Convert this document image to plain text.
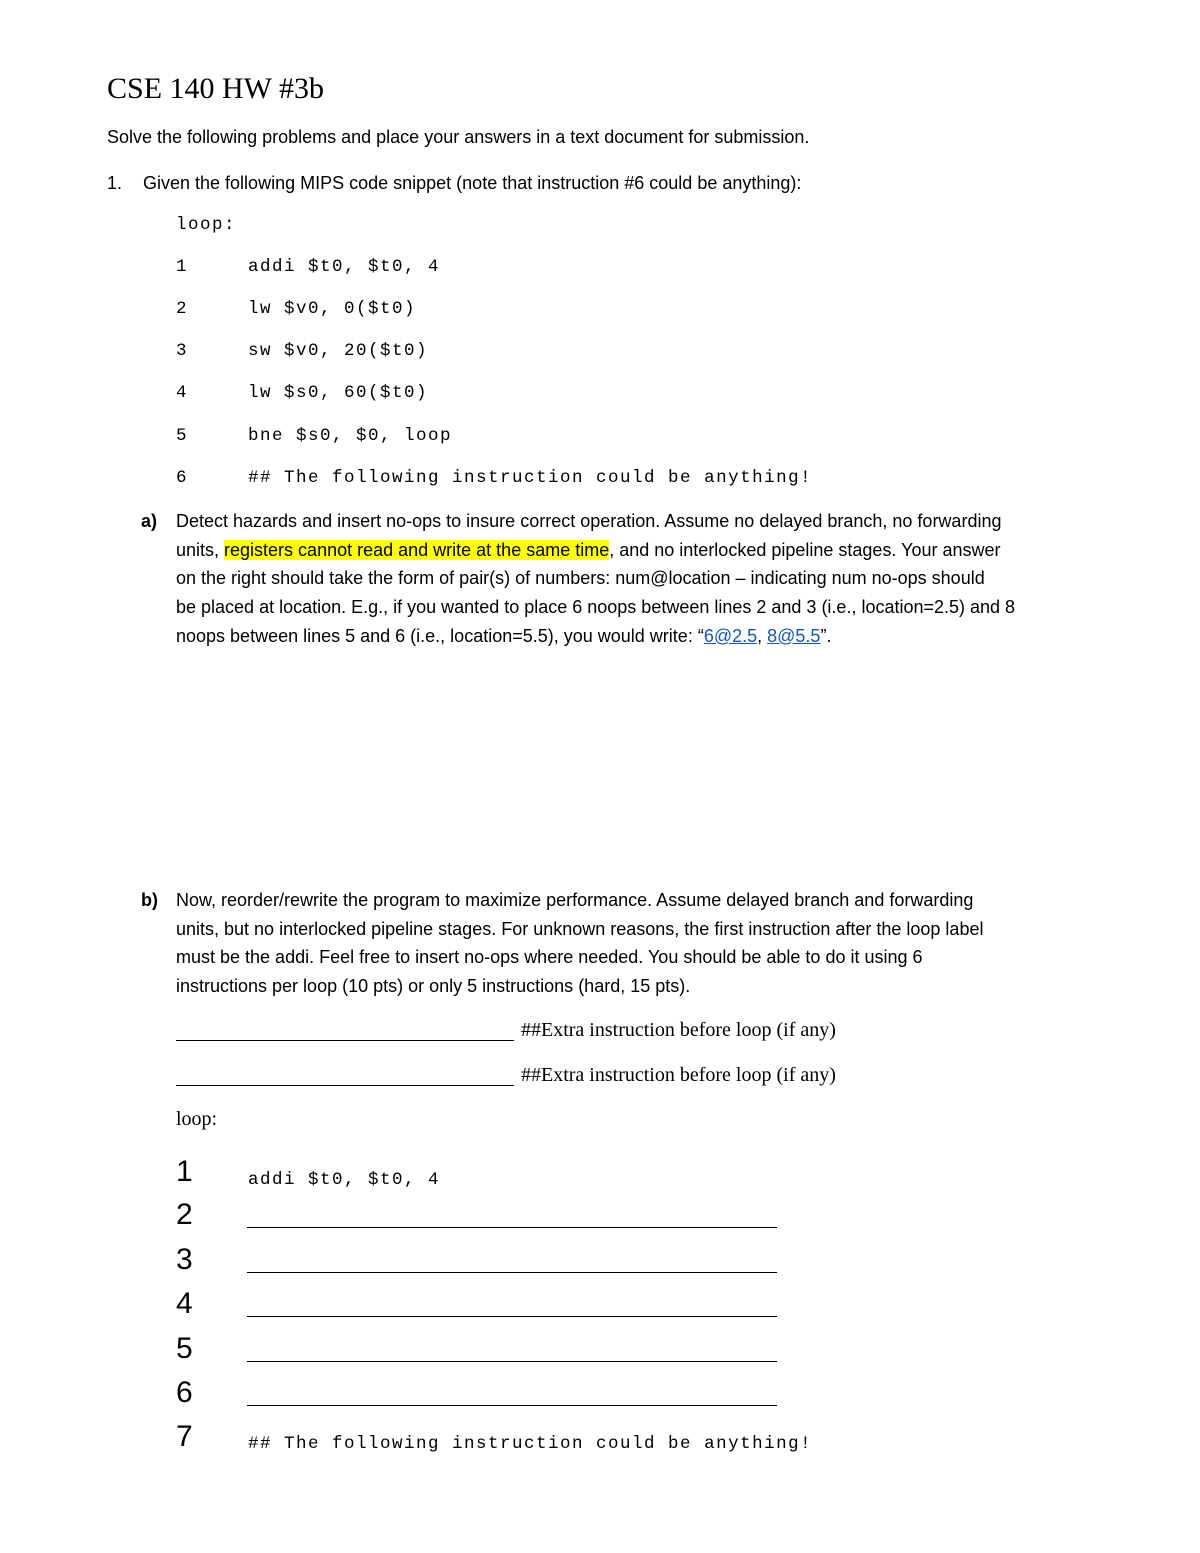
CSE 140 HW #3b
Solve the following problems and place your answers in a text document for submission.
1. Given the following MIPS code snippet (note that instruction #6 could be anything):
loop:
1	addi $t0, $t0, 4
2	lw $v0, 0($t0)
3	sw $v0, 20($t0)
4	lw $s0, 60($t0)
5	bne $s0, $0, loop
6	## The following instruction could be anything!
a) Detect hazards and insert no-ops to insure correct operation. Assume no delayed branch, no forwarding
units, registers cannot read and write at the same time, and no interlocked pipeline stages. Your answer
on the right should take the form of pair(s) of numbers: num@location – indicating num no-ops should
be placed at location. E.g., if you wanted to place 6 noops between lines 2 and 3 (i.e., location=2.5) and 8
noops between lines 5 and 6 (i.e., location=5.5), you would write: “6@2.5, 8@5.5”.
b) Now, reorder/rewrite the program to maximize performance. Assume delayed branch and forwarding
units, but no interlocked pipeline stages. For unknown reasons, the first instruction after the loop label
must be the addi. Feel free to insert no-ops where needed. You should be able to do it using 6
instructions per loop (10 pts) or only 5 instructions (hard, 15 pts).
##Extra instruction before loop (if any)
##Extra instruction before loop (if any)
loop:
1	addi $t0, $t0, 4
2
3
4
5
6
7	## The following instruction could be anything!
